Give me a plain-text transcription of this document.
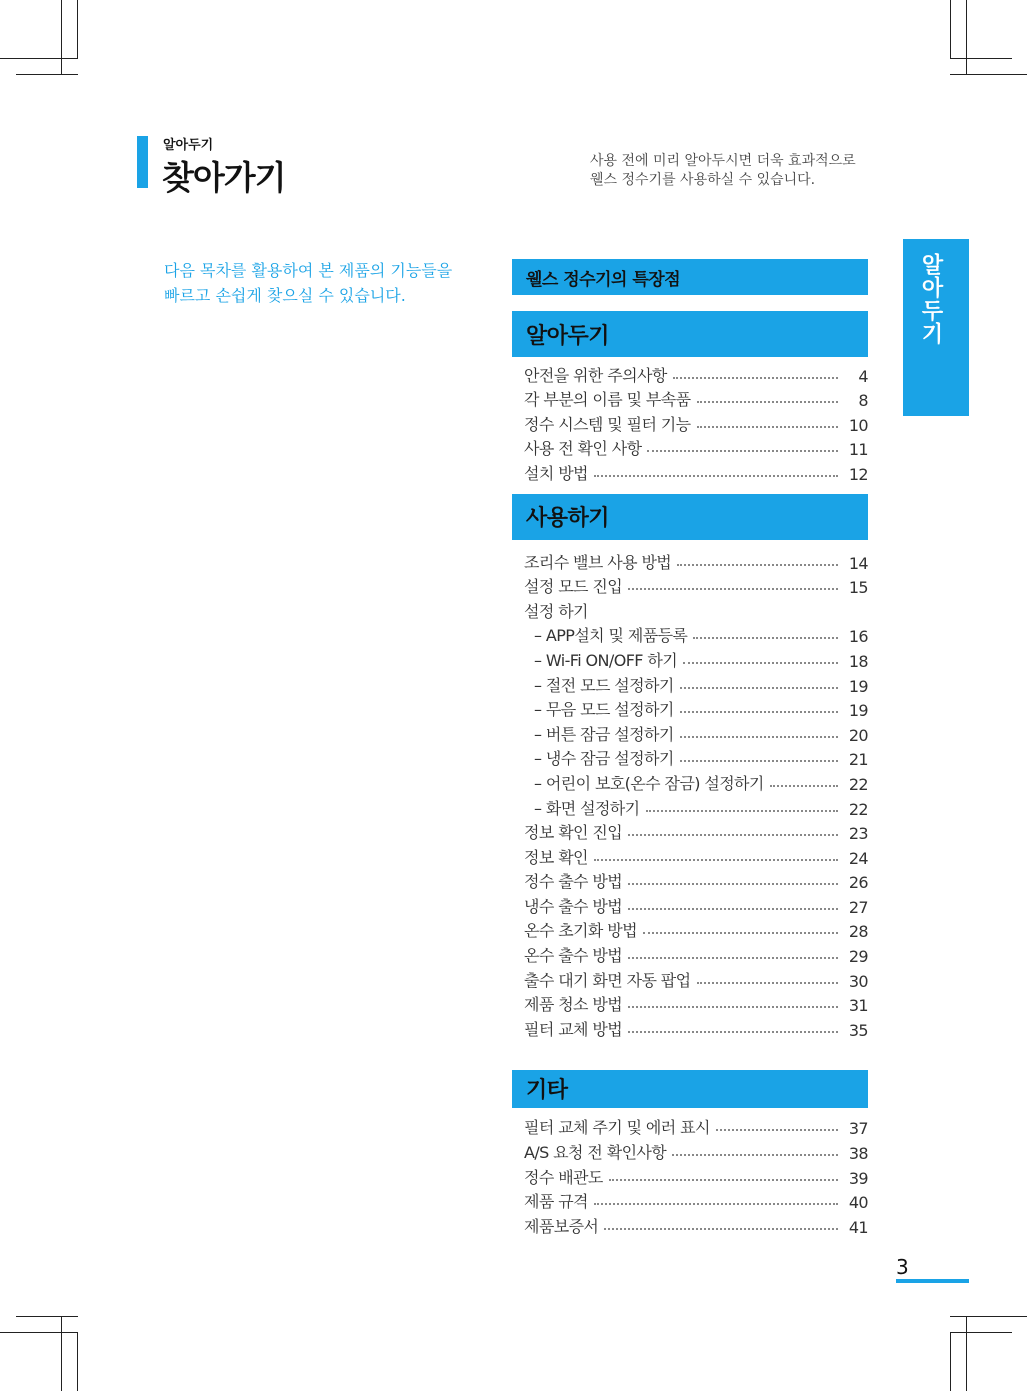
알아두기
찾아가기	사용 전에 미리 알아두시면 더욱 효과적으로
웰스 정수기를 사용하실 수 있습니다.
다음 목차를 활용하여 본 제품의 기능들을
빠르고 손쉽게 찾으실 수 있습니다.	알아두기
웰스 정수기의 특장점
알아두기
안전을 위한 주의사항	4
각 부분의 이름 및 부속품	8
정수 시스템 및 필터 기능	10
사용 전 확인 사항	11
설치 방법	12
사용하기
조리수 밸브 사용 방법	14
설정 모드 진입	15
설정 하기
– APP설치 및 제품등록	16
– Wi-Fi ON/OFF 하기	18
– 절전 모드 설정하기	19
– 무음 모드 설정하기	19
– 버튼 잠금 설정하기	20
– 냉수 잠금 설정하기	21
– 어린이 보호(온수 잠금) 설정하기	22
– 화면 설정하기	22
정보 확인 진입	23
정보 확인	24
정수 출수 방법	26
냉수 출수 방법	27
온수 초기화 방법	28
온수 출수 방법	29
출수 대기 화면 자동 팝업	30
제품 청소 방법	31
필터 교체 방법	35
기타
필터 교체 주기 및 에러 표시	37
A/S 요청 전 확인사항	38
정수 배관도	39
제품 규격	40
제품보증서	41
3
